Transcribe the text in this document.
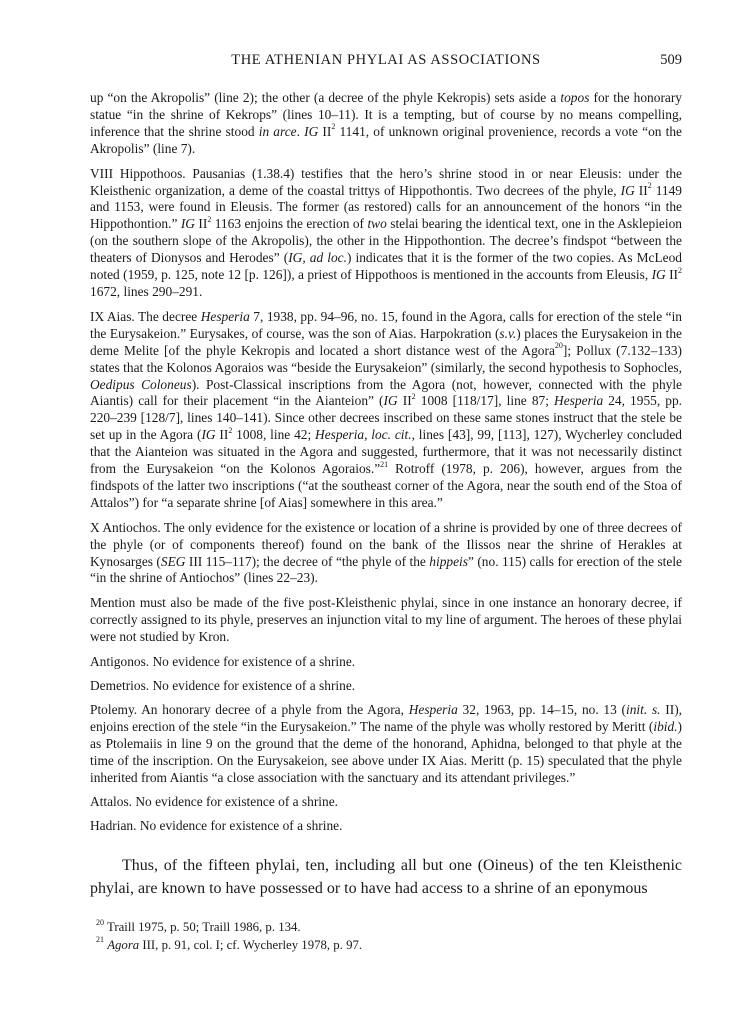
THE ATHENIAN PHYLAI AS ASSOCIATIONS	509

up “on the Akropolis” (line 2); the other (a decree of the phyle Kekropis) sets aside a topos for the honorary statue “in the shrine of Kekrops” (lines 10–11). It is a tempting, but of course by no means compelling, inference that the shrine stood in arce. IG $II^2$ 1141, of unknown original provenience, records a vote “on the Akropolis” (line 7).

VIII Hippothoos. Pausanias (1.38.4) testifies that the hero’s shrine stood in or near Eleusis: under the Kleisthenic organization, a deme of the coastal trittys of Hippothontis. Two decrees of the phyle, IG $II^2$ 1149 and 1153, were found in Eleusis. The former (as restored) calls for an announcement of the honors “in the Hippothontion.” IG $II^2$ 1163 enjoins the erection of two stelai bearing the identical text, one in the Asklepieion (on the southern slope of the Akropolis), the other in the Hippothontion. The decree’s findspot “between the theaters of Dionysos and Herodes” (IG, ad loc.) indicates that it is the former of the two copies. As McLeod noted (1959, p. 125, note 12 [p. 126]), a priest of Hippothoos is mentioned in the accounts from Eleusis, IG $II^2$ 1672, lines 290–291.

IX Aias. The decree Hesperia 7, 1938, pp. 94–96, no. 15, found in the Agora, calls for erection of the stele “in the Eurysakeion.” Eurysakes, of course, was the son of Aias. Harpokration (s.v.) places the Eurysakeion in the deme Melite [of the phyle Kekropis and located a short distance west of the Agora$^{20}$]; Pollux (7.132–133) states that the Kolonos Agoraios was “beside the Eurysakeion” (similarly, the second hypothesis to Sophocles, Oedipus Coloneus). Post-Classical inscriptions from the Agora (not, however, connected with the phyle Aiantis) call for their placement “in the Aianteion” (IG $II^2$ 1008 [118/17], line 87; Hesperia 24, 1955, pp. 220–239 [128/7], lines 140–141). Since other decrees inscribed on these same stones instruct that the stele be set up in the Agora (IG $II^2$ 1008, line 42; Hesperia, loc. cit., lines [43], 99, [113], 127), Wycherley concluded that the Aianteion was situated in the Agora and suggested, furthermore, that it was not necessarily distinct from the Eurysakeion “on the Kolonos Agoraios.”$^{21}$ Rotroff (1978, p. 206), however, argues from the findspots of the latter two inscriptions (“at the southeast corner of the Agora, near the south end of the Stoa of Attalos”) for “a separate shrine [of Aias] somewhere in this area.”

X Antiochos. The only evidence for the existence or location of a shrine is provided by one of three decrees of the phyle (or of components thereof) found on the bank of the Ilissos near the shrine of Herakles at Kynosarges (SEG III 115–117); the decree of “the phyle of the hippeis” (no. 115) calls for erection of the stele “in the shrine of Antiochos” (lines 22–23).

Mention must also be made of the five post-Kleisthenic phylai, since in one instance an honorary decree, if correctly assigned to its phyle, preserves an injunction vital to my line of argument. The heroes of these phylai were not studied by Kron.

Antigonos. No evidence for existence of a shrine.

Demetrios. No evidence for existence of a shrine.

Ptolemy. An honorary decree of a phyle from the Agora, Hesperia 32, 1963, pp. 14–15, no. 13 (init. s. II), enjoins erection of the stele “in the Eurysakeion.” The name of the phyle was wholly restored by Meritt (ibid.) as Ptolemaiis in line 9 on the ground that the deme of the honorand, Aphidna, belonged to that phyle at the time of the inscription. On the Eurysakeion, see above under IX Aias. Meritt (p. 15) speculated that the phyle inherited from Aiantis “a close association with the sanctuary and its attendant privileges.”

Attalos. No evidence for existence of a shrine.

Hadrian. No evidence for existence of a shrine.

Thus, of the fifteen phylai, ten, including all but one (Oineus) of the ten Kleisthenic phylai, are known to have possessed or to have had access to a shrine of an eponymous

$^{20}$ Traill 1975, p. 50; Traill 1986, p. 134.

$^{21}$ Agora III, p. 91, col. I; cf. Wycherley 1978, p. 97.
